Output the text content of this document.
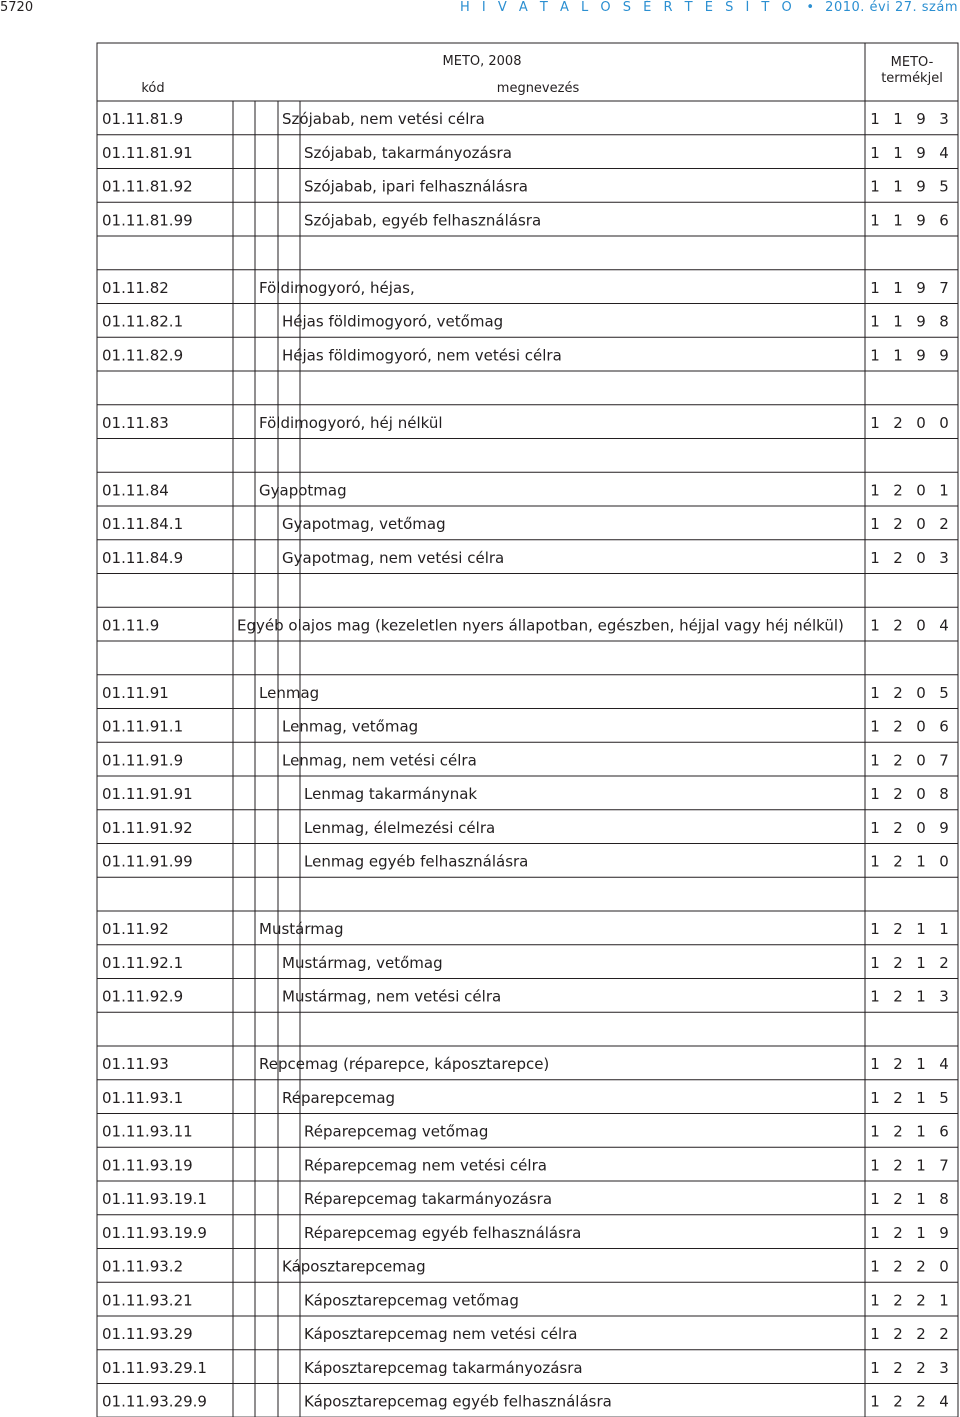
5720	H I V A T A L O S É R T E S Í T Õ • 2010. évi 27. szám
METO, 2008
kód	megnevezés
METO-termékjel
01.11.81.9	Szójabab, nem vetési célra	1 1 9 3
01.11.81.91	Szójabab, takarmányozásra	1 1 9 4
01.11.81.92	Szójabab, ipari felhasználásra	1 1 9 5
01.11.81.99	Szójabab, egyéb felhasználásra	1 1 9 6
01.11.82	Földimogyoró, héjas,	1 1 9 7
01.11.82.1	Héjas földimogyoró, vetőmag	1 1 9 8
01.11.82.9	Héjas földimogyoró, nem vetési célra	1 1 9 9
01.11.83	Földimogyoró, héj nélkül	1 2 0 0
01.11.84	Gyapotmag	1 2 0 1
01.11.84.1	Gyapotmag, vetőmag	1 2 0 2
01.11.84.9	Gyapotmag, nem vetési célra	1 2 0 3
01.11.9	Egyéb olajos mag (kezeletlen nyers állapotban, egészben, héjjal vagy héj nélkül) 1 2 0 4
01.11.91	Lenmag	1 2 0 5
01.11.91.1	Lenmag, vetőmag	1 2 0 6
01.11.91.9	Lenmag, nem vetési célra	1 2 0 7
01.11.91.91	Lenmag takarmánynak	1 2 0 8
01.11.91.92	Lenmag, élelmezési célra	1 2 0 9
01.11.91.99	Lenmag egyéb felhasználásra	1 2 1 0
01.11.92	Mustármag	1 2 1 1
01.11.92.1	Mustármag, vetőmag	1 2 1 2
01.11.92.9	Mustármag, nem vetési célra	1 2 1 3
01.11.93	Repcemag (réparepce, káposztarepce)	1 2 1 4
01.11.93.1	Réparepcemag	1 2 1 5
01.11.93.11	Réparepcemag vetőmag	1 2 1 6
01.11.93.19	Réparepcemag nem vetési célra	1 2 1 7
01.11.93.19.1	Réparepcemag takarmányozásra	1 2 1 8
01.11.93.19.9	Réparepcemag egyéb felhasználásra	1 2 1 9
01.11.93.2	Káposztarepcemag	1 2 2 0
01.11.93.21	Káposztarepcemag vetőmag	1 2 2 1
01.11.93.29	Káposztarepcemag nem vetési célra	1 2 2 2
01.11.93.29.1	Káposztarepcemag takarmányozásra	1 2 2 3
01.11.93.29.9	Káposztarepcemag egyéb felhasználásra	1 2 2 4
